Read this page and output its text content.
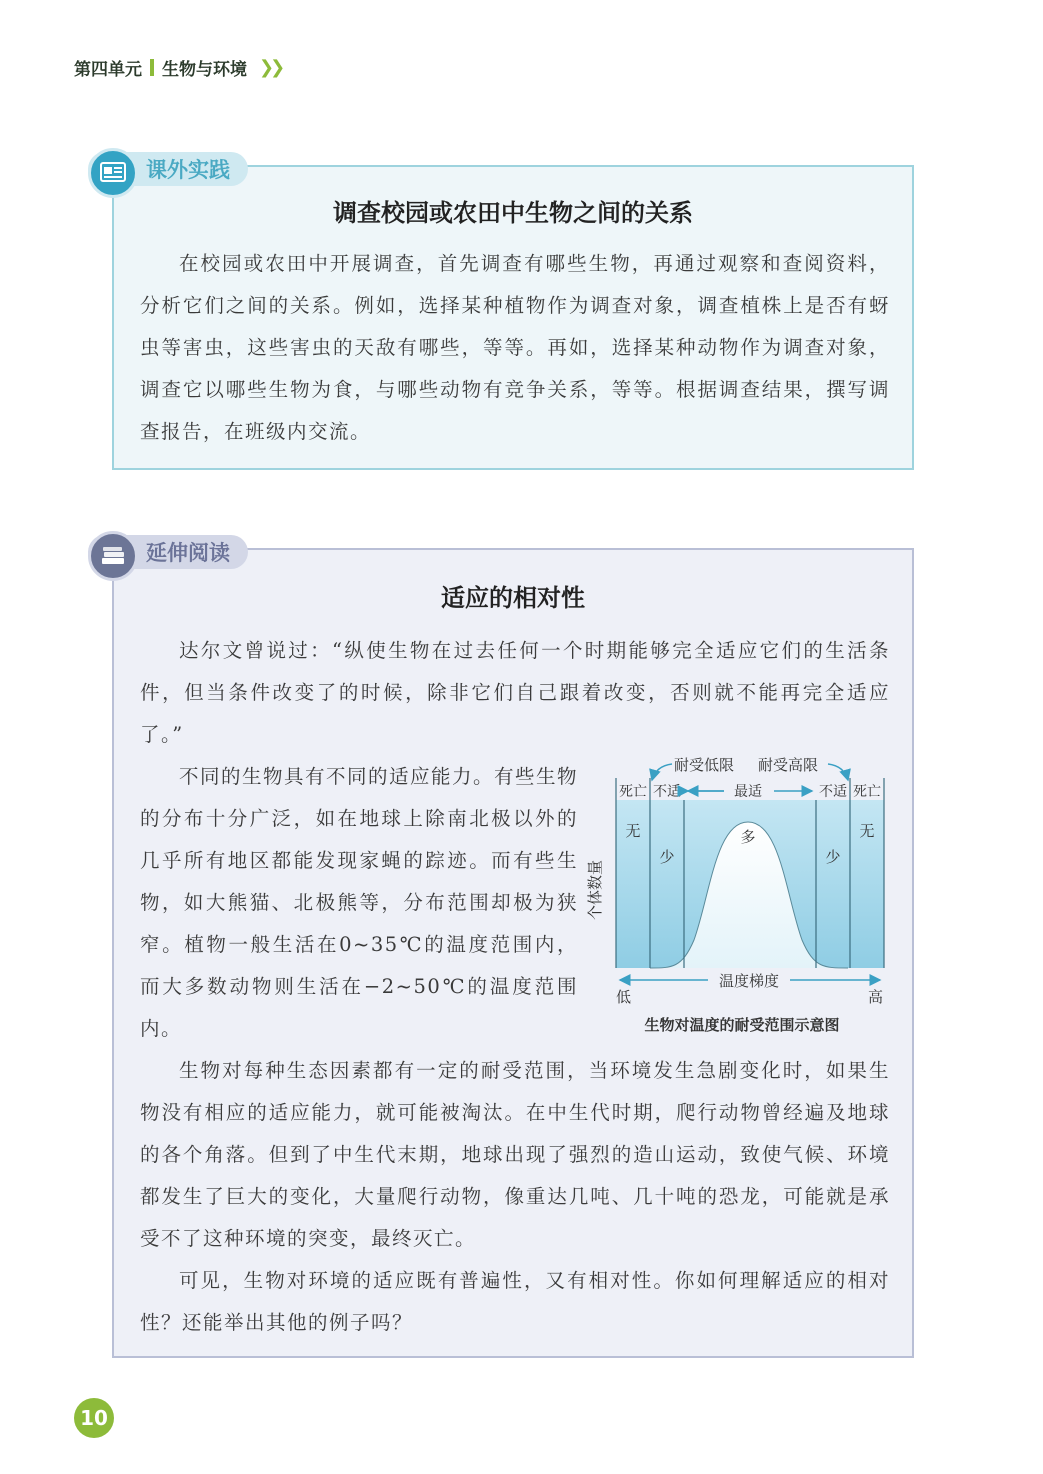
第四单元 生物与环境 ❯❯
调查校园或农田中生物之间的关系

在校园或农田中开展调查，首先调查有哪些生物，再通过观察和查阅资料，分析它们之间的关系。例如，选择某种植物作为调查对象，调查植株上是否有蚜虫等害虫，这些害虫的天敌有哪些，等等。再如，选择某种动物作为调查对象，调查它以哪些生物为食，与哪些动物有竞争关系，等等。根据调查结果，撰写调查报告，在班级内交流。

课外实践
适应的相对性

达尔文曾说过：“纵使生物在过去任何一个时期能够完全适应它们的生活条件，但当条件改变了的时候，除非它们自己跟着改变，否则就不能再完全适应了。”

不同的生物具有不同的适应能力。有些生物的分布十分广泛，如在地球上除南北极以外的几乎所有地区都能发现家蝇的踪迹。而有些生物，如大熊猫、北极熊等，分布范围却极为狭窄。植物一般生活在0~35℃的温度范围内，而大多数动物则生活在−2~50℃的温度范围内。

生物对每种生态因素都有一定的耐受范围，当环境发生急剧变化时，如果生物没有相应的适应能力，就可能被淘汰。在中生代时期，爬行动物曾经遍及地球的各个角落。但到了中生代末期，地球出现了强烈的造山运动，致使气候、环境都发生了巨大的变化，大量爬行动物，像重达几吨、几十吨的恐龙，可能就是承受不了这种环境的突变，最终灭亡。

可见，生物对环境的适应既有普遍性，又有相对性。你如何理解适应的相对性？还能举出其他的例子吗？

耐受低限 耐受高限
死亡 不适	最适	不适 死亡
无
少
多
少
无
个体数量
温度梯度
低	高
生物对温度的耐受范围示意图
延伸阅读
10
